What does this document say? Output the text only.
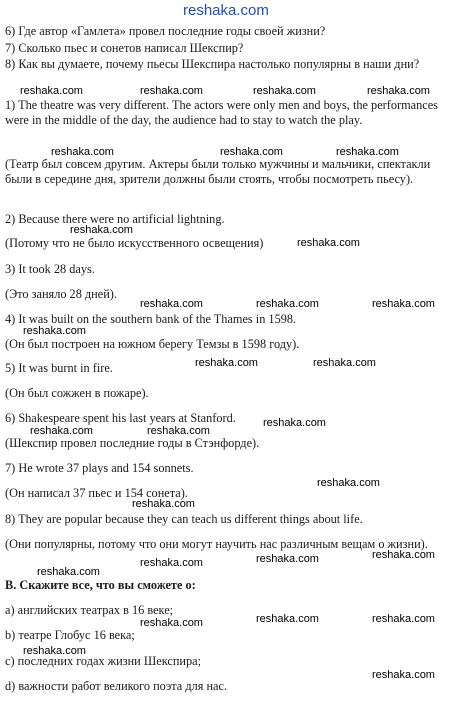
reshaka.com
6) Где автор «Гамлета» провел последние годы своей жизни?
7) Сколько пьес и сонетов написал Шекспир?
8) Как вы думаете, почему пьесы Шекспира настолько популярны в наши дни?
1) The theatre was very different. The actors were only men and boys, the performances were in the middle of the day, the audience had to stay to watch the play.
(Театр был совсем другим. Актеры были только мужчины и мальчики, спектакли были в середине дня, зрители должны были стоять, чтобы посмотреть пьесу).
2) Because there were no artificial lightning.
(Потому что не было искусственного освещения)
3) It took 28 days.
(Это заняло 28 дней).
4) It was built on the southern bank of the Thames in 1598.
(Он был построен на южном берегу Темзы в 1598 году).
5) It was burnt in fire.
(Он был сожжен в пожаре).
6) Shakespeare spent his last years at Stanford.
(Шекспир провел последние годы в Стэнфорде).
7) He wrote 37 plays and 154 sonnets.
(Он написал 37 пьес и 154 сонета).
8) They are popular because they can teach us different things about life.
(Они популярны, потому что они могут научить нас различным вещам о жизни).
B. Скажите все, что вы сможете о:
a) английских театрах в 16 веке;
b) театре Глобус 16 века;
c) последних годах жизни Шекспира;
d) важности работ великого поэта для нас.
reshaka.com	reshaka.com	reshaka.com	reshaka.com
reshaka.com	reshaka.com	reshaka.com
reshaka.com
reshaka.com
reshaka.com	reshaka.com	reshaka.com
reshaka.com
reshaka.com	reshaka.com
reshaka.com
reshaka.com	reshaka.com
reshaka.com
reshaka.com
reshaka.com
reshaka.com	reshaka.com
reshaka.com
reshaka.com	reshaka.com	reshaka.com
reshaka.com
reshaka.com
